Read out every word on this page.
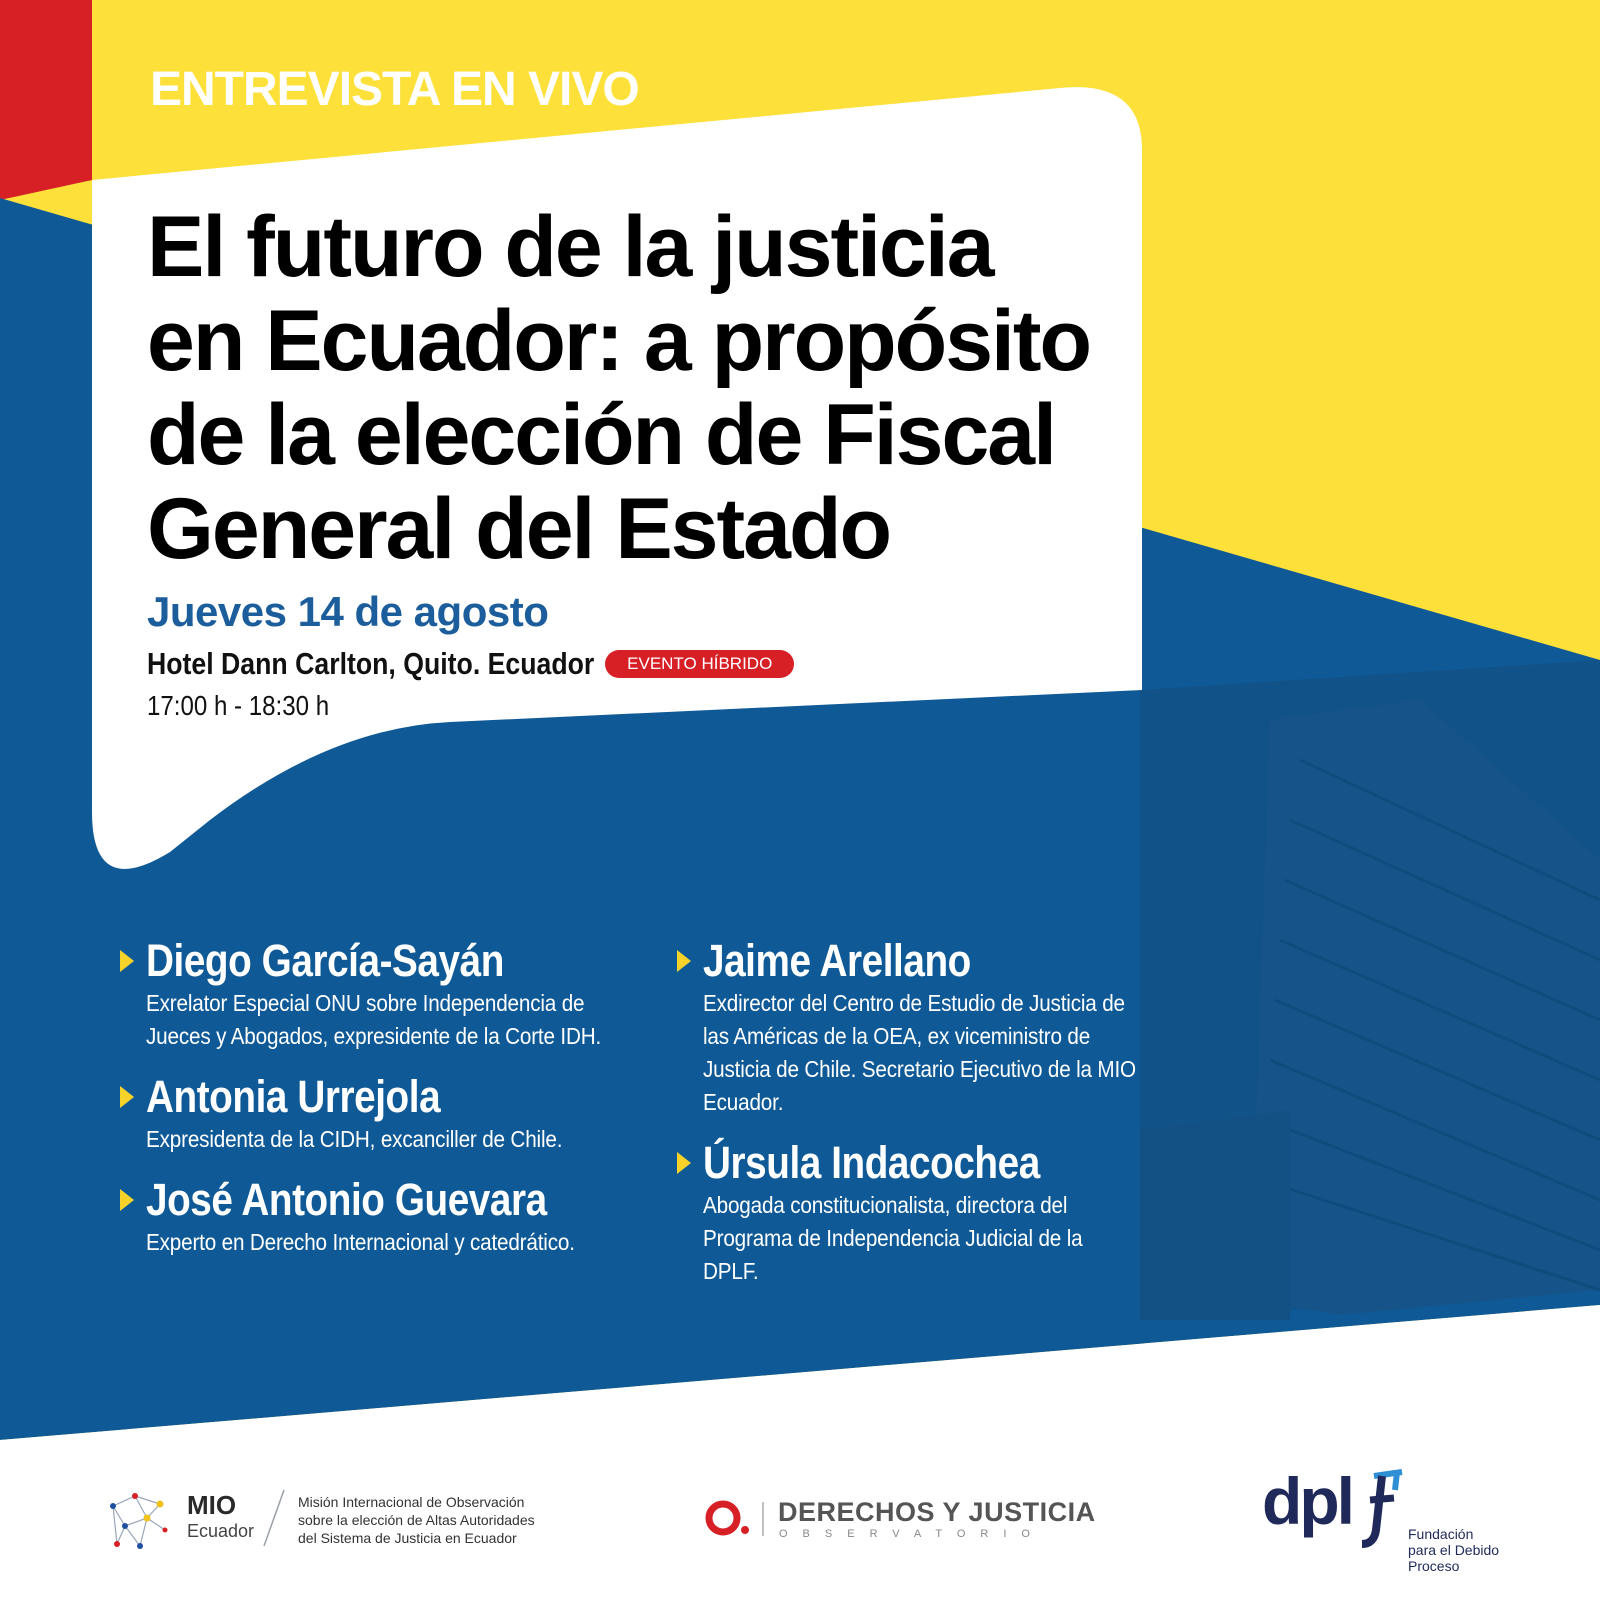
ENTREVISTA EN VIVO
El futuro de la justicia
en Ecuador: a propósito
de la elección de Fiscal
General del Estado
Jueves 14 de agosto
Hotel Dann Carlton, Quito. Ecuador	EVENTO HÍBRIDO
17:00 h - 18:30 h
Diego García-Sayán
Exrelator Especial ONU sobre Independencia de Jueces y Abogados, expresidente de la Corte IDH.
Antonia Urrejola
Expresidenta de la CIDH, excanciller de Chile.
José Antonio Guevara
Experto en Derecho Internacional y catedrático.
Jaime Arellano
Exdirector del Centro de Estudio de Justicia de las Américas de la OEA, ex viceministro de Justicia de Chile. Secretario Ejecutivo de la MIO Ecuador.
Úrsula Indacochea
Abogada constitucionalista, directora del Programa de Independencia Judicial de la DPLF.
MIO
Ecuador
Misión Internacional de Observación
sobre la elección de Altas Autoridades
del Sistema de Justicia en Ecuador
DERECHOS Y JUSTICIA
OBSERVATORIO	dpl	Fundación
para el Debido
Proceso
